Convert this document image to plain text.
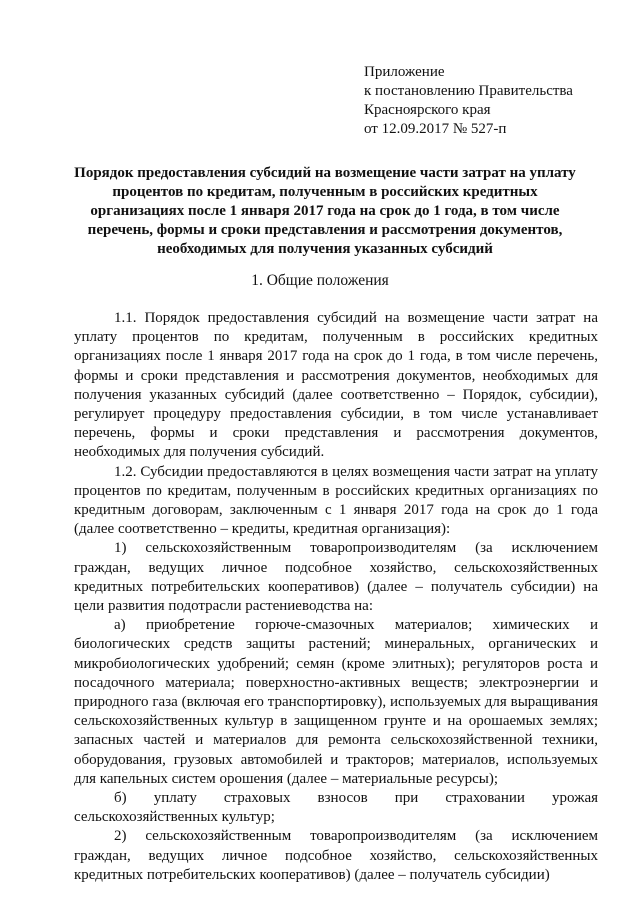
Приложение
к постановлению Правительства
Красноярского края
от 12.09.2017 № 527-п
Порядок предоставления субсидий на возмещение части затрат на уплату процентов по кредитам, полученным в российских кредитных организациях после 1 января 2017 года на срок до 1 года, в том числе перечень, формы и сроки представления и рассмотрения документов, необходимых для получения указанных субсидий
1. Общие положения

1.1. Порядок предоставления субсидий на возмещение части затрат на уплату процентов по кредитам, полученным в российских кредитных организациях после 1 января 2017 года на срок до 1 года, в том числе перечень, формы и сроки представления и рассмотрения документов, необходимых для получения указанных субсидий (далее соответственно – Порядок, субсидии), регулирует процедуру предоставления субсидии, в том числе устанавливает перечень, формы и сроки представления и рассмотрения документов, необходимых для получения субсидий.

1.2. Субсидии предоставляются в целях возмещения части затрат на уплату процентов по кредитам, полученным в российских кредитных организациях по кредитным договорам, заключенным с 1 января 2017 года на срок до 1 года (далее соответственно – кредиты, кредитная организация):

1) сельскохозяйственным товаропроизводителям (за исключением граждан, ведущих личное подсобное хозяйство, сельскохозяйственных кредитных потребительских кооперативов) (далее – получатель субсидии) на цели развития подотрасли растениеводства на:

а) приобретение горюче-смазочных материалов; химических и биологических средств защиты растений; минеральных, органических и микробиологических удобрений; семян (кроме элитных); регуляторов роста и посадочного материала; поверхностно-активных веществ; электроэнергии и природного газа (включая его транспортировку), используемых для выращивания сельскохозяйственных культур в защищенном грунте и на орошаемых землях; запасных частей и материалов для ремонта сельскохозяйственной техники, оборудования, грузовых автомобилей и тракторов; материалов, используемых для капельных систем орошения (далее – материальные ресурсы);

б) уплату страховых взносов при страховании урожая сельскохозяйственных культур;

2) сельскохозяйственным товаропроизводителям (за исключением граждан, ведущих личное подсобное хозяйство, сельскохозяйственных кредитных потребительских кооперативов) (далее – получатель субсидии)
